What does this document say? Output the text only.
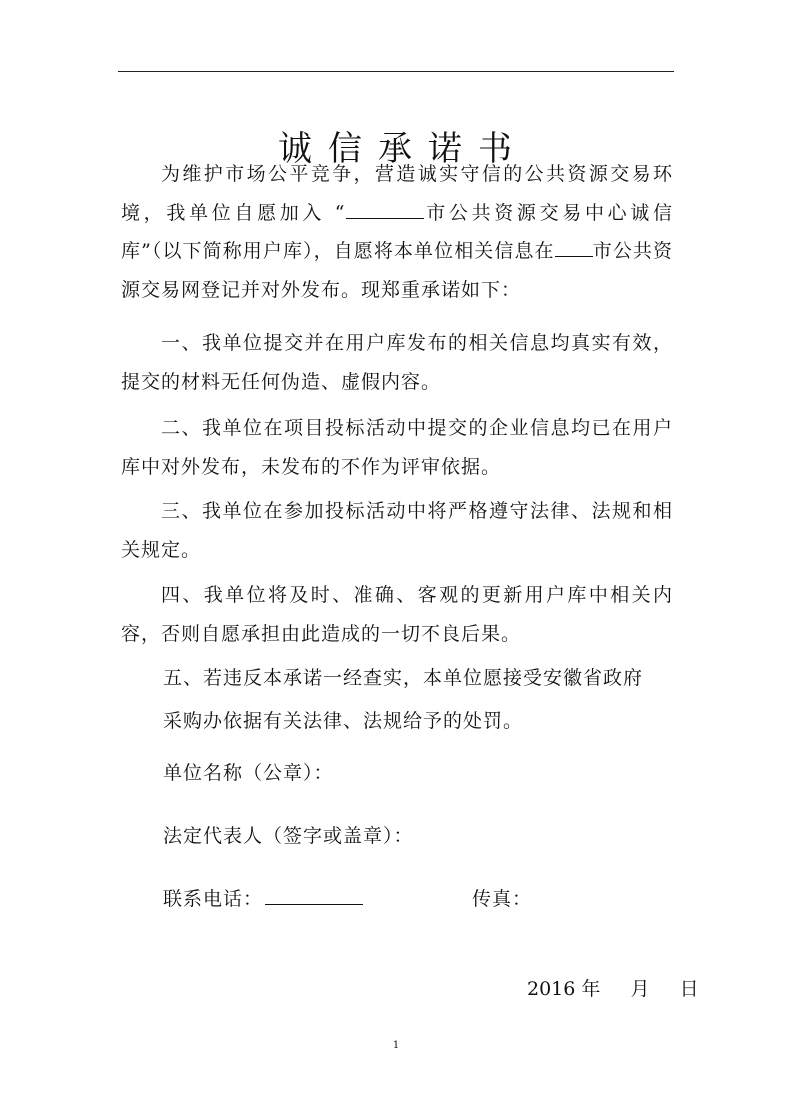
诚信承诺书

为维护市场公平竞争，营造诚实守信的公共资源交易环境，我单位自愿加入 “	市公共资源交易中心诚信库”（以下简称用户库），自愿将本单位相关信息在 市公共资源交易网登记并对外发布。现郑重承诺如下：

一、我单位提交并在用户库发布的相关信息均真实有效，提交的材料无任何伪造、虚假内容。

二、我单位在项目投标活动中提交的企业信息均已在用户库中对外发布，未发布的不作为评审依据。

三、我单位在参加投标活动中将严格遵守法律、法规和相关规定。

四、我单位将及时、准确、客观的更新用户库中相关内容，否则自愿承担由此造成的一切不良后果。

五、若违反本承诺一经查实，本单位愿接受安徽省政府

采购办依据有关法律、法规给予的处罚。

单位名称（公章）：

法定代表人（签字或盖章）：

联系电话：	传真：
2016 年 月 日
1
